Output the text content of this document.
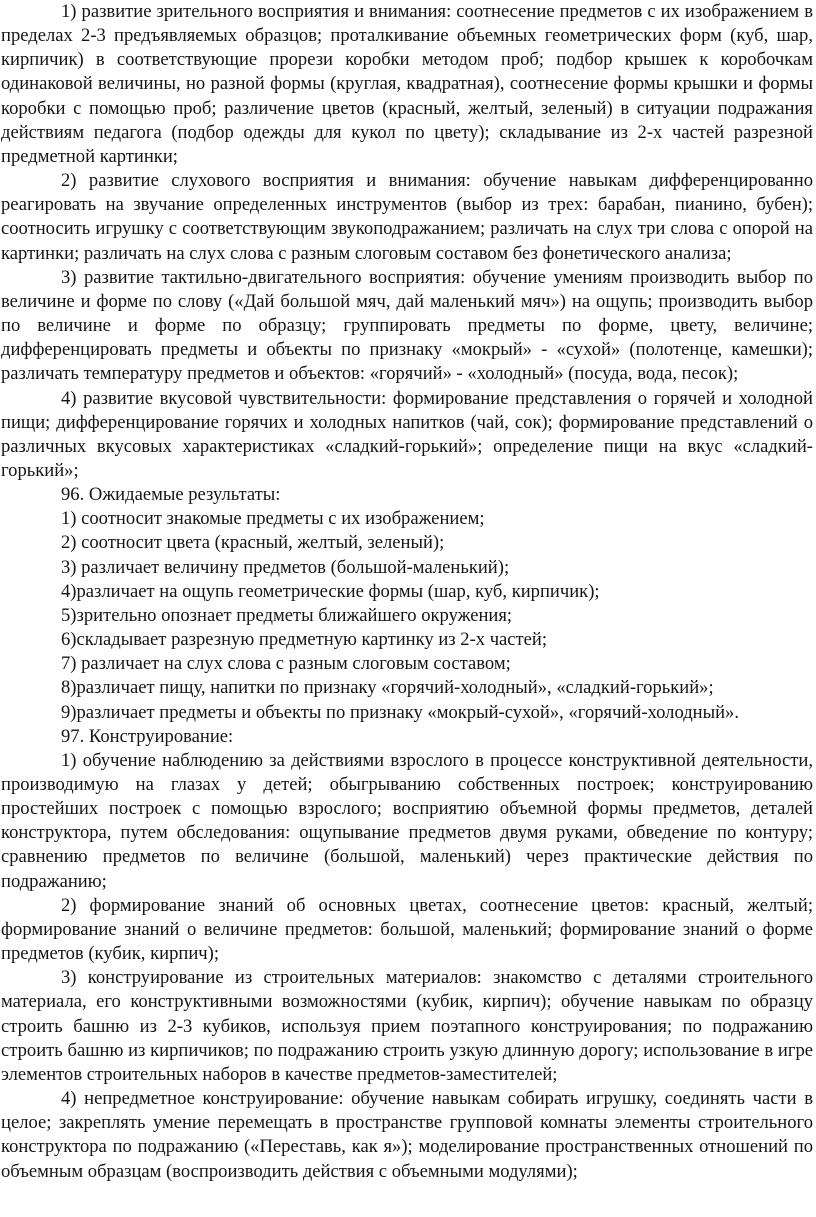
1) развитие зрительного восприятия и внимания: соотнесение предметов с их изображением в пределах 2-3 предъявляемых образцов; проталкивание объемных геометрических форм (куб, шар, кирпичик) в соответствующие прорези коробки методом проб; подбор крышек к коробочкам одинаковой величины, но разной формы (круглая, квадратная), соотнесение формы крышки и формы коробки с помощью проб; различение цветов (красный, желтый, зеленый) в ситуации подражания действиям педагога (подбор одежды для кукол по цвету); складывание из 2-х частей разрезной предметной картинки;

2) развитие слухового восприятия и внимания: обучение навыкам дифференцированно реагировать на звучание определенных инструментов (выбор из трех: барабан, пианино, бубен); соотносить игрушку с соответствующим звукоподражанием; различать на слух три слова с опорой на картинки; различать на слух слова с разным слоговым составом без фонетического анализа;

3) развитие тактильно-двигательного восприятия: обучение умениям производить выбор по величине и форме по слову («Дай большой мяч, дай маленький мяч») на ощупь; производить выбор по величине и форме по образцу; группировать предметы по форме, цвету, величине; дифференцировать предметы и объекты по признаку «мокрый» - «сухой» (полотенце, камешки); различать температуру предметов и объектов: «горячий» - «холодный» (посуда, вода, песок);

4) развитие вкусовой чувствительности: формирование представления о горячей и холодной пищи; дифференцирование горячих и холодных напитков (чай, сок); формирование представлений о различных вкусовых характеристиках «сладкий-горький»; определение пищи на вкус «сладкий-горький»;

96. Ожидаемые результаты:

1) соотносит знакомые предметы с их изображением;

2) соотносит цвета (красный, желтый, зеленый);

3) различает величину предметов (большой-маленький);

4)различает на ощупь геометрические формы (шар, куб, кирпичик);

5)зрительно опознает предметы ближайшего окружения;

6)складывает разрезную предметную картинку из 2-х частей;

7) различает на слух слова с разным слоговым составом;

8)различает пищу, напитки по признаку «горячий-холодный», «сладкий-горький»;

9)различает предметы и объекты по признаку «мокрый-сухой», «горячий-холодный».

97. Конструирование:

1) обучение наблюдению за действиями взрослого в процессе конструктивной деятельности, производимую на глазах у детей; обыгрыванию собственных построек; конструированию простейших построек с помощью взрослого; восприятию объемной формы предметов, деталей конструктора, путем обследования: ощупывание предметов двумя руками, обведение по контуру; сравнению предметов по величине (большой, маленький) через практические действия по подражанию;

2) формирование знаний об основных цветах, соотнесение цветов: красный, желтый; формирование знаний о величине предметов: большой, маленький; формирование знаний о форме предметов (кубик, кирпич);

3) конструирование из строительных материалов: знакомство с деталями строительного материала, его конструктивными возможностями (кубик, кирпич); обучение навыкам по образцу строить башню из 2-3 кубиков, используя прием поэтапного конструирования; по подражанию строить башню из кирпичиков; по подражанию строить узкую длинную дорогу; использование в игре элементов строительных наборов в качестве предметов-заместителей;

4) непредметное конструирование: обучение навыкам собирать игрушку, соединять части в целое; закреплять умение перемещать в пространстве групповой комнаты элементы строительного конструктора по подражанию («Переставь, как я»); моделирование пространственных отношений по объемным образцам (воспроизводить действия с объемными модулями);
